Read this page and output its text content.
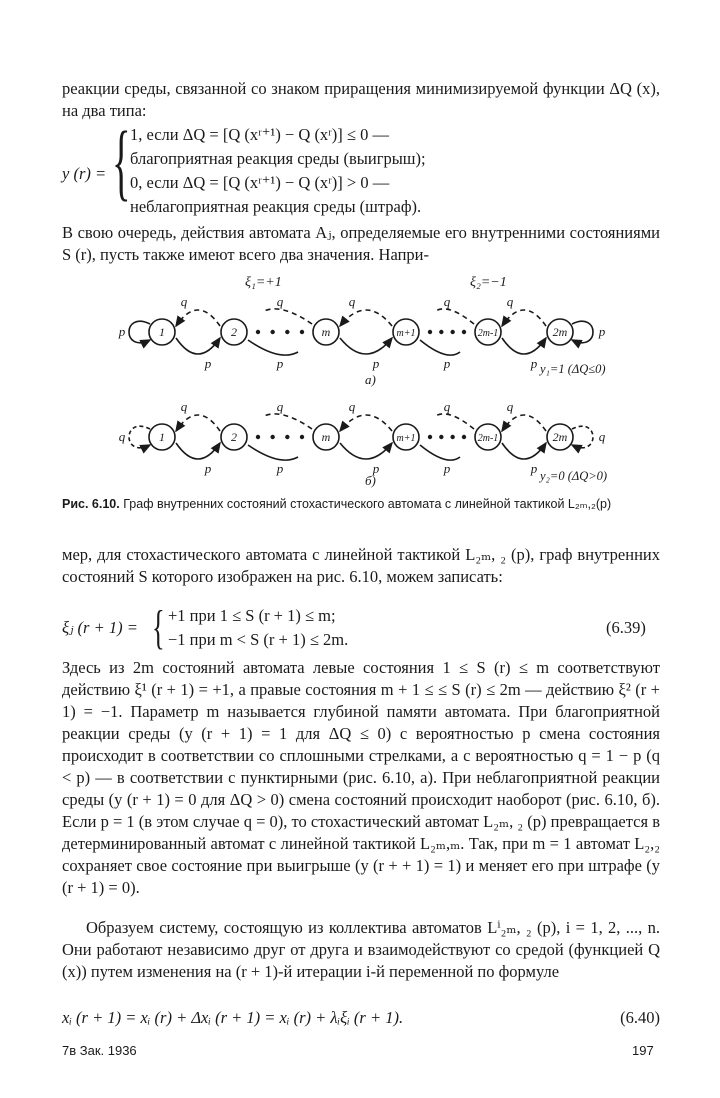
реакции среды, связанной со знаком приращения минимизируемой функции ΔQ (x), на два типа:
y (r) = { 1, если ΔQ = [Q (xʳ⁺¹) − Q (xʳ)] ≤ 0 —
благоприятная реакция среды (выигрыш);
0, если ΔQ = [Q (xʳ⁺¹) − Q (xʳ)] > 0 —
неблагоприятная реакция среды (штраф).
В свою очередь, действия автомата Aⱼ, определяемые его внутренними состояниями S (r), пусть также имеют всего два значения. Напри-
q
p
q
p
q
p
q
p
q
p
p	p
1	2	m	m+1	2m-1	2m
q
p
q
p
q
p
q
p
q
p
q	q
1	2	m	m+1	2m-1	2m
ξ₁=+1	ξ₂=−1
a)
y₁=1 (ΔQ≤0)
б)	y₂=0 (ΔQ>0)
Рис. 6.10. Граф внутренних состояний стохастического автомата с линейной тактикой L₂ₘ,₂(p)
мер, для стохастического автомата с линейной тактикой L₂ₘ, ₂ (p), граф внутренних состояний S которого изображен на рис. 6.10, можем записать:
ξⱼ (r + 1) = { +1 при 1 ≤ S (r + 1) ≤ m;
−1 при m < S (r + 1) ≤ 2m.
(6.39)
Здесь из 2m состояний автомата левые состояния 1 ≤ S (r) ≤ m соответствуют действию ξ¹ (r + 1) = +1, а правые состояния m + 1 ≤ ≤ S (r) ≤ 2m — действию ξ² (r + 1) = −1. Параметр m называется глубиной памяти автомата. При благоприятной реакции среды (y (r + 1) = 1 для ΔQ ≤ 0) с вероятностью p смена состояния происходит в соответствии со сплошными стрелками, а с вероятностью q = 1 − p (q < p) — в соответствии с пунктирными (рис. 6.10, а). При неблагоприятной реакции среды (y (r + 1) = 0 для ΔQ > 0) смена состояний происходит наоборот (рис. 6.10, б). Если p = 1 (в этом случае q = 0), то стохастический автомат L₂ₘ, ₂ (p) превращается в детерминированный автомат с линейной тактикой L₂ₘ,ₘ. Так, при m = 1 автомат L₂,₂ сохраняет свое состояние при выигрыше (y (r + + 1) = 1) и меняет его при штрафе (y (r + 1) = 0).
Образуем систему, состоящую из коллектива автоматов Lⁱ₂ₘ, ₂ (p), i = 1, 2, ..., n. Они работают независимо друг от друга и взаимодействуют со средой (функцией Q (x)) путем изменения на (r + 1)-й итерации i-й переменной по формуле
xᵢ (r + 1) = xᵢ (r) + Δxᵢ (r + 1) = xᵢ (r) + λᵢξᵢ (r + 1).	(6.40)
7в Зак. 1936	197
